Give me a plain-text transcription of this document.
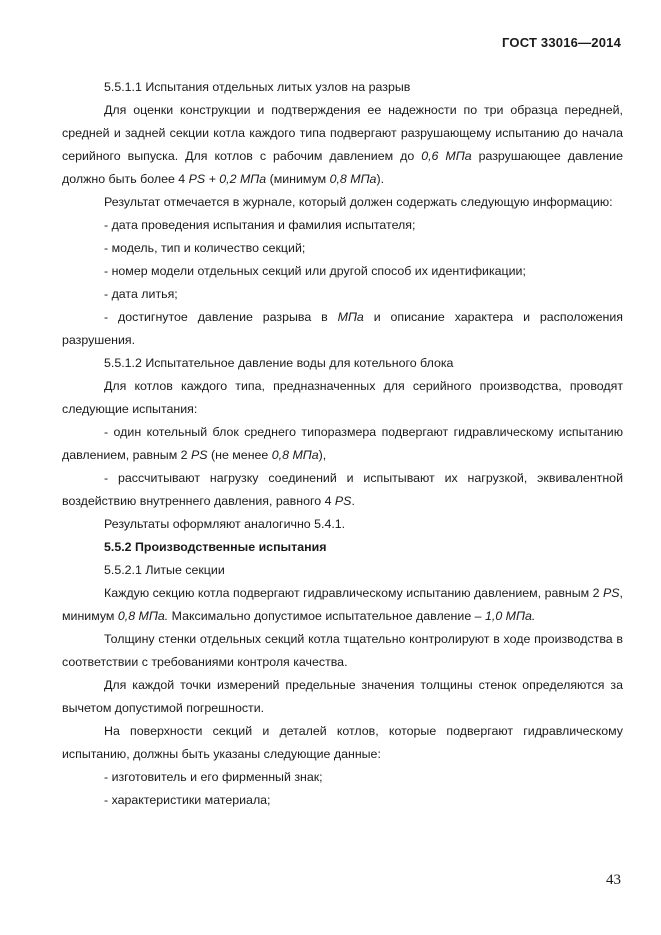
ГОСТ 33016—2014

5.5.1.1 Испытания отдельных литых узлов на разрыв

Для оценки конструкции и подтверждения ее надежности по три образца передней, средней и задней секции котла каждого типа подвергают разрушающему испытанию до начала серийного выпуска. Для котлов с рабочим давлением до 0,6 МПа разрушающее давление должно быть более 4 PS + 0,2 МПа (минимум 0,8 МПа).

Результат отмечается в журнале, который должен содержать следующую информацию:

- дата проведения испытания и фамилия испытателя;

- модель, тип и количество секций;

- номер модели отдельных секций или другой способ их идентификации;

- дата литья;

- достигнутое давление разрыва в МПа и описание характера и расположения разрушения.

5.5.1.2 Испытательное давление воды для котельного блока

Для котлов каждого типа, предназначенных для серийного производства, проводят следующие испытания:

- один котельный блок среднего типоразмера подвергают гидравлическому испытанию давлением, равным 2 PS (не менее 0,8 МПа),

- рассчитывают нагрузку соединений и испытывают их нагрузкой, эквивалентной воздействию внутреннего давления, равного 4 PS.

Результаты оформляют аналогично 5.4.1.

5.5.2 Производственные испытания

5.5.2.1 Литые секции

Каждую секцию котла подвергают гидравлическому испытанию давлением, равным 2 PS, минимум 0,8 МПа. Максимально допустимое испытательное давление – 1,0 МПа.

Толщину стенки отдельных секций котла тщательно контролируют в ходе производства в соответствии с требованиями контроля качества.

Для каждой точки измерений предельные значения толщины стенок определяются за вычетом допустимой погрешности.

На поверхности секций и деталей котлов, которые подвергают гидравлическому испытанию, должны быть указаны следующие данные:

- изготовитель и его фирменный знак;

- характеристики материала;

43
